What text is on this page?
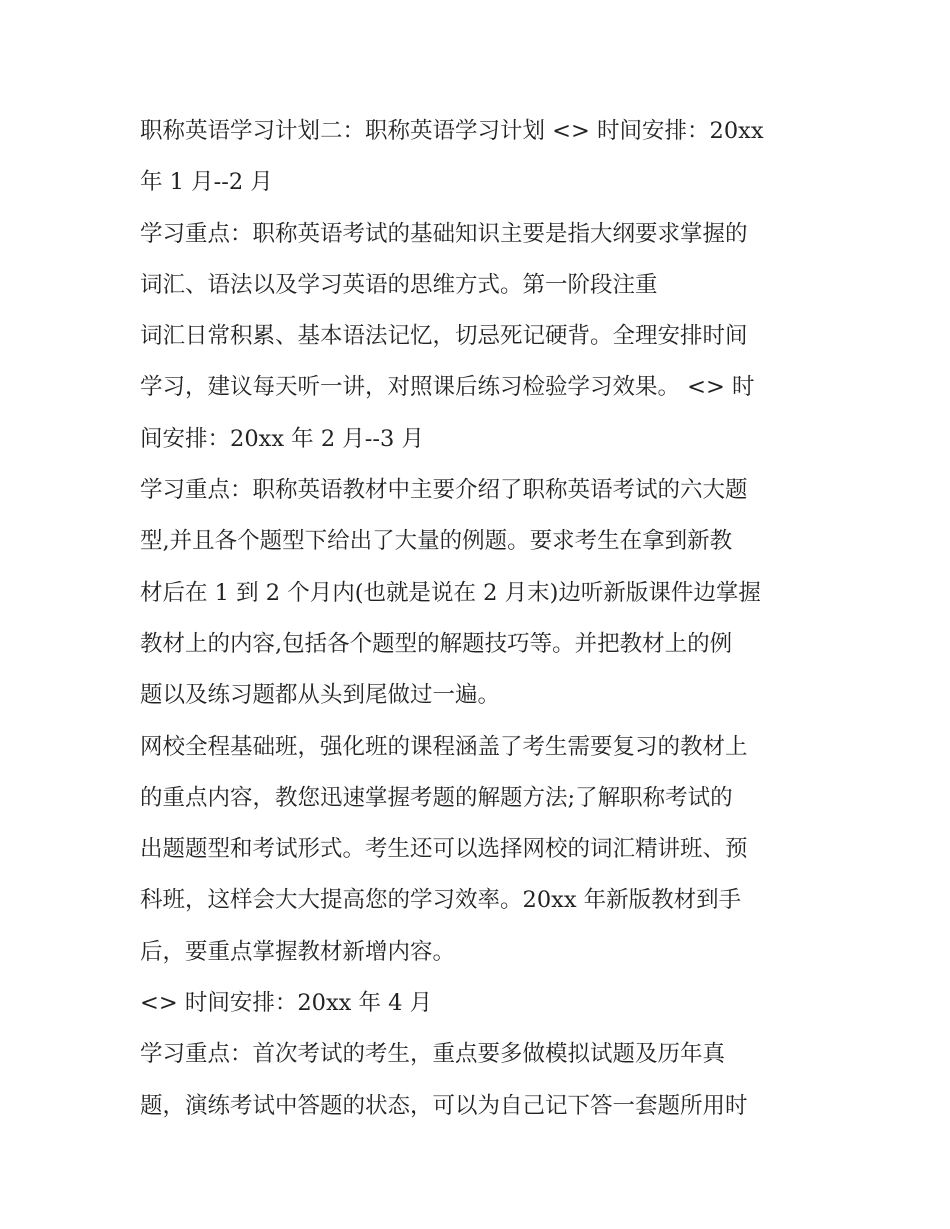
职称英语学习计划二：职称英语学习计划 <> 时间安排：20xx
年 1 月--2 月
学习重点：职称英语考试的基础知识主要是指大纲要求掌握的
词汇、语法以及学习英语的思维方式。第一阶段注重
词汇日常积累、基本语法记忆，切忌死记硬背。全理安排时间
学习，建议每天听一讲，对照课后练习检验学习效果。 <> 时
间安排：20xx 年 2 月--3 月
学习重点：职称英语教材中主要介绍了职称英语考试的六大题
型,并且各个题型下给出了大量的例题。要求考生在拿到新教
材后在 1 到 2 个月内(也就是说在 2 月末)边听新版课件边掌握
教材上的内容,包括各个题型的解题技巧等。并把教材上的例
题以及练习题都从头到尾做过一遍。
网校全程基础班，强化班的课程涵盖了考生需要复习的教材上
的重点内容，教您迅速掌握考题的解题方法;了解职称考试的
出题题型和考试形式。考生还可以选择网校的词汇精讲班、预
科班，这样会大大提高您的学习效率。20xx 年新版教材到手
后，要重点掌握教材新增内容。
<> 时间安排：20xx 年 4 月
学习重点：首次考试的考生，重点要多做模拟试题及历年真
题，演练考试中答题的状态，可以为自己记下答一套题所用时
